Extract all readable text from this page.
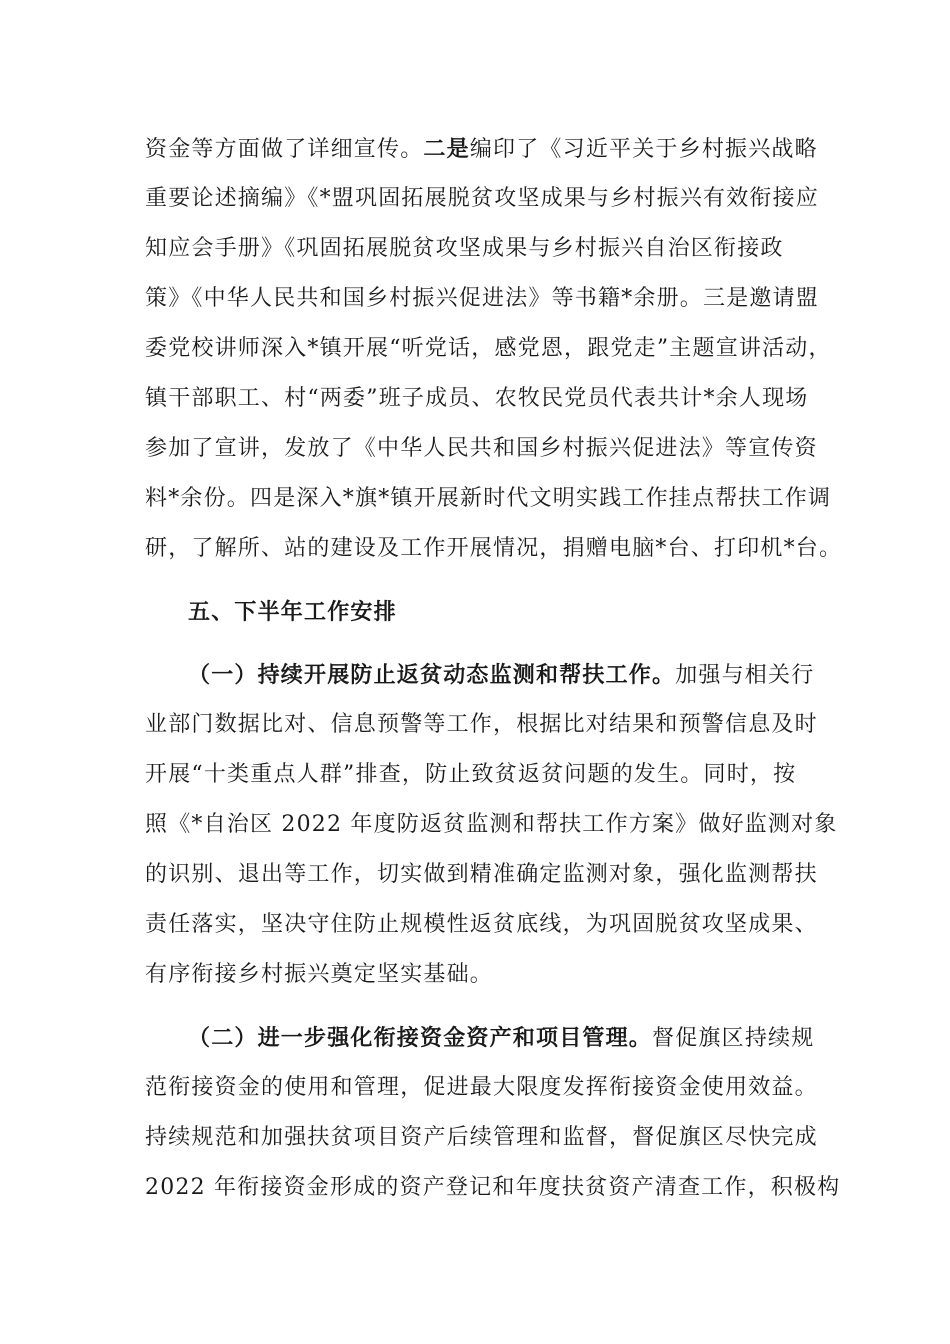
资金等方面做了详细宣传。二是编印了《习近平关于乡村振兴战略
重要论述摘编》《*盟巩固拓展脱贫攻坚成果与乡村振兴有效衔接应
知应会手册》《巩固拓展脱贫攻坚成果与乡村振兴自治区衔接政
策》《中华人民共和国乡村振兴促进法》等书籍*余册。三是邀请盟
委党校讲师深入*镇开展“听党话，感党恩，跟党走”主题宣讲活动，
镇干部职工、村“两委”班子成员、农牧民党员代表共计*余人现场
参加了宣讲，发放了《中华人民共和国乡村振兴促进法》等宣传资
料*余份。四是深入*旗*镇开展新时代文明实践工作挂点帮扶工作调
研，了解所、站的建设及工作开展情况，捐赠电脑*台、打印机*台。
五、下半年工作安排
（一）持续开展防止返贫动态监测和帮扶工作。加强与相关行
业部门数据比对、信息预警等工作，根据比对结果和预警信息及时
开展“十类重点人群”排查，防止致贫返贫问题的发生。同时，按
照《*自治区 2022 年度防返贫监测和帮扶工作方案》做好监测对象
的识别、退出等工作，切实做到精准确定监测对象，强化监测帮扶
责任落实，坚决守住防止规模性返贫底线，为巩固脱贫攻坚成果、
有序衔接乡村振兴奠定坚实基础。
（二）进一步强化衔接资金资产和项目管理。督促旗区持续规
范衔接资金的使用和管理，促进最大限度发挥衔接资金使用效益。
持续规范和加强扶贫项目资产后续管理和监督，督促旗区尽快完成
2022 年衔接资金形成的资产登记和年度扶贫资产清查工作，积极构
